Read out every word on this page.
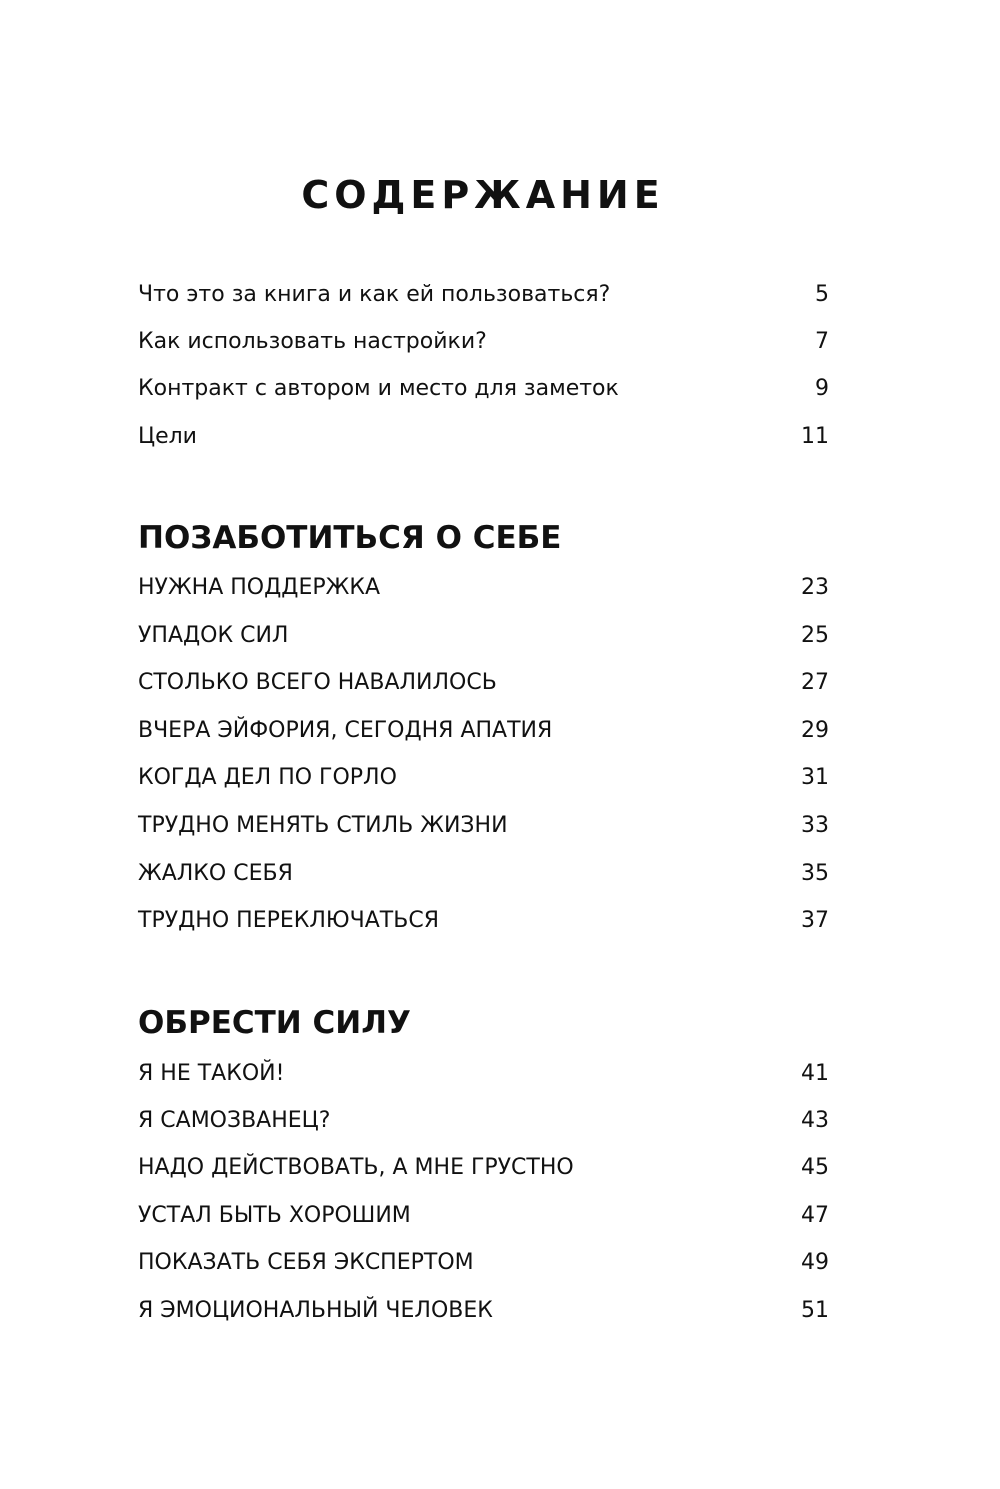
СОДЕРЖАНИЕ
Что это за книга и как ей пользоваться?	5
Как использовать настройки?	7
Контракт с автором и место для заметок	9
Цели	11
ПОЗАБОТИТЬСЯ О СЕБЕ
НУЖНА ПОДДЕРЖКА	23
УПАДОК СИЛ	25
СТОЛЬКО ВСЕГО НАВАЛИЛОСЬ	27
ВЧЕРА ЭЙФОРИЯ, СЕГОДНЯ АПАТИЯ	29
КОГДА ДЕЛ ПО ГОРЛО	31
ТРУДНО МЕНЯТЬ СТИЛЬ ЖИЗНИ	33
ЖАЛКО СЕБЯ	35
ТРУДНО ПЕРЕКЛЮЧАТЬСЯ	37
ОБРЕСТИ СИЛУ
Я НЕ ТАКОЙ!	41
Я САМОЗВАНЕЦ?	43
НАДО ДЕЙСТВОВАТЬ, А МНЕ ГРУСТНО	45
УСТАЛ БЫТЬ ХОРОШИМ	47
ПОКАЗАТЬ СЕБЯ ЭКСПЕРТОМ	49
Я ЭМОЦИОНАЛЬНЫЙ ЧЕЛОВЕК	51
